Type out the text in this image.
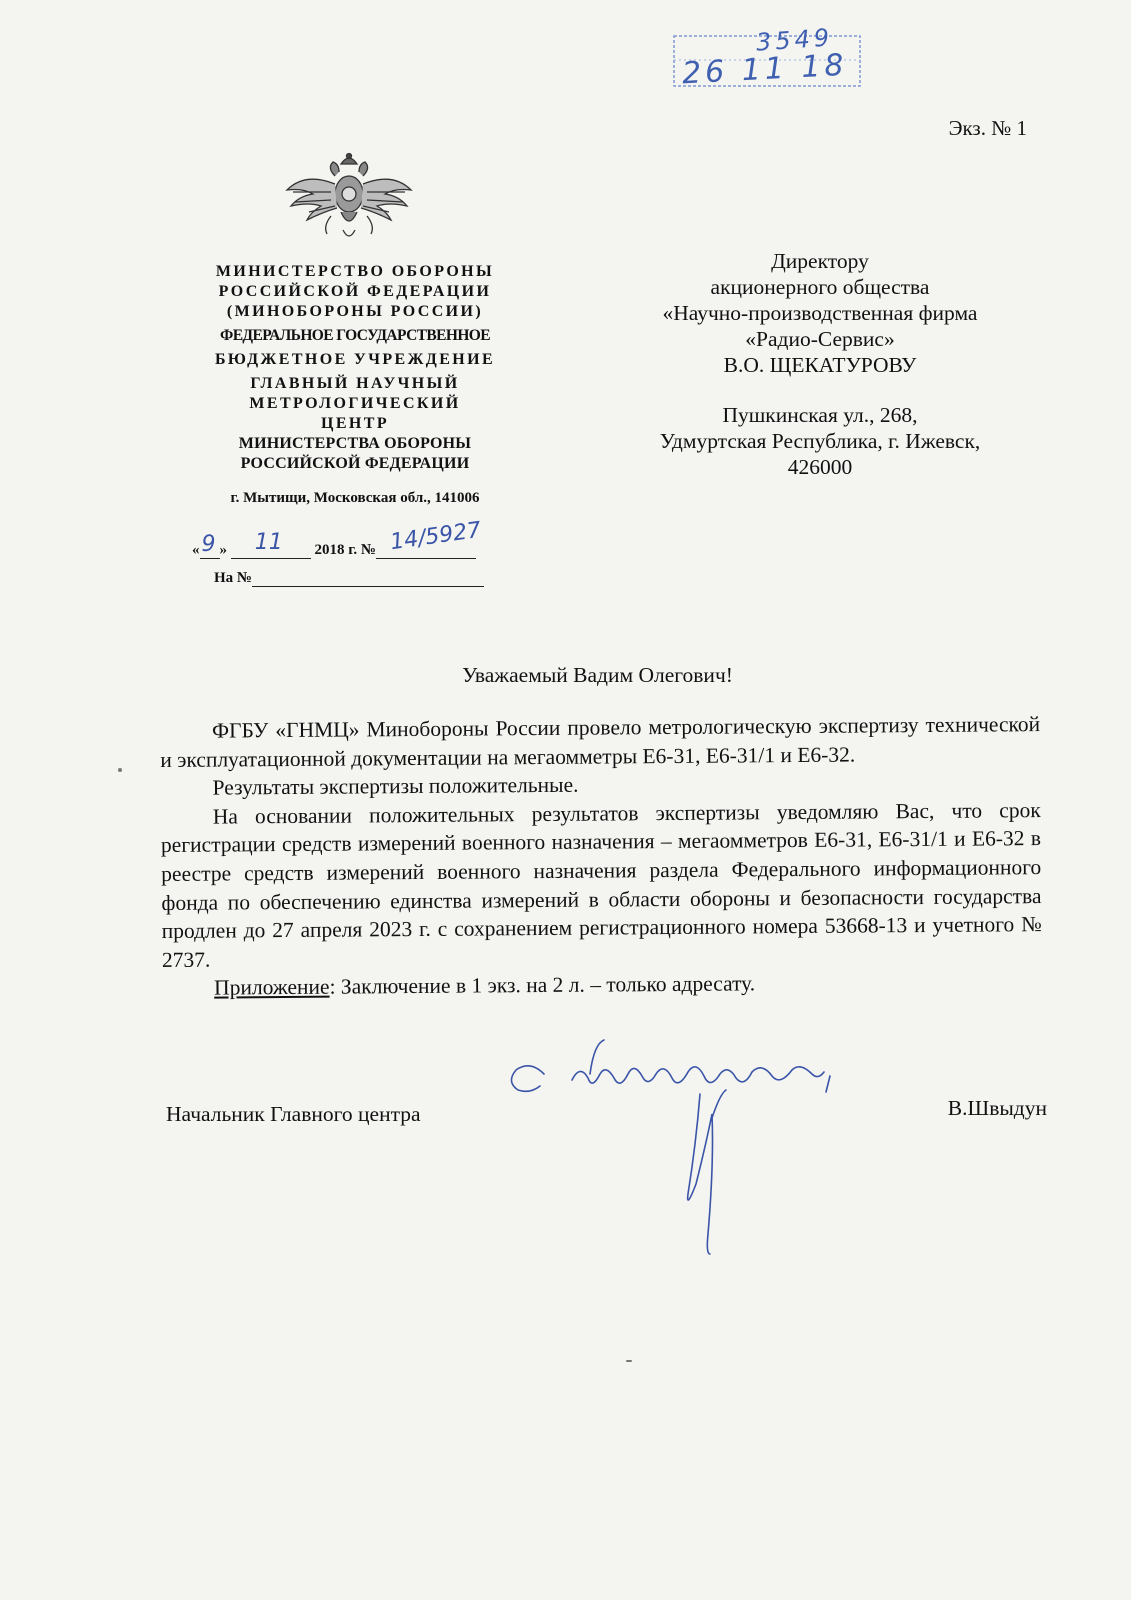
3549
26 11 18
Экз. № 1
МИНИСТЕРСТВО ОБОРОНЫ
РОССИЙСКОЙ ФЕДЕРАЦИИ
(МИНОБОРОНЫ РОССИИ)
ФЕДЕРАЛЬНОЕ ГОСУДАРСТВЕННОЕ
БЮДЖЕТНОЕ УЧРЕЖДЕНИЕ
ГЛАВНЫЙ НАУЧНЫЙ
МЕТРОЛОГИЧЕСКИЙ
ЦЕНТР
МИНИСТЕРСТВА ОБОРОНЫ
РОССИЙСКОЙ ФЕДЕРАЦИИ
г. Мытищи, Московская обл., 141006
« 9 » 11 2018 г. № 14/5927
На №
Директору
акционерного общества
«Научно-производственная фирма
«Радио-Сервис»
В.О. ЩЕКАТУРОВУ
Пушкинская ул., 268,
Удмуртская Республика, г. Ижевск,
426000
Уважаемый Вадим Олегович!

ФГБУ «ГНМЦ» Минобороны России провело метрологическую экспертизу технической и эксплуатационной документации на мегаомметры Е6-31, Е6-31/1 и Е6-32.

Результаты экспертизы положительные.

На основании положительных результатов экспертизы уведомляю Вас, что срок регистрации средств измерений военного назначения – мегаомметров Е6-31, Е6-31/1 и Е6-32 в реестре средств измерений военного назначения раздела Федерального информационного фонда по обеспечению единства измерений в области обороны и безопасности государства продлен до 27 апреля 2023 г. с сохранением регистрационного номера 53668-13 и учетного № 2737.

Приложение: Заключение в 1 экз. на 2 л. – только адресату.

Начальник Главного центра	В.Швыдун
